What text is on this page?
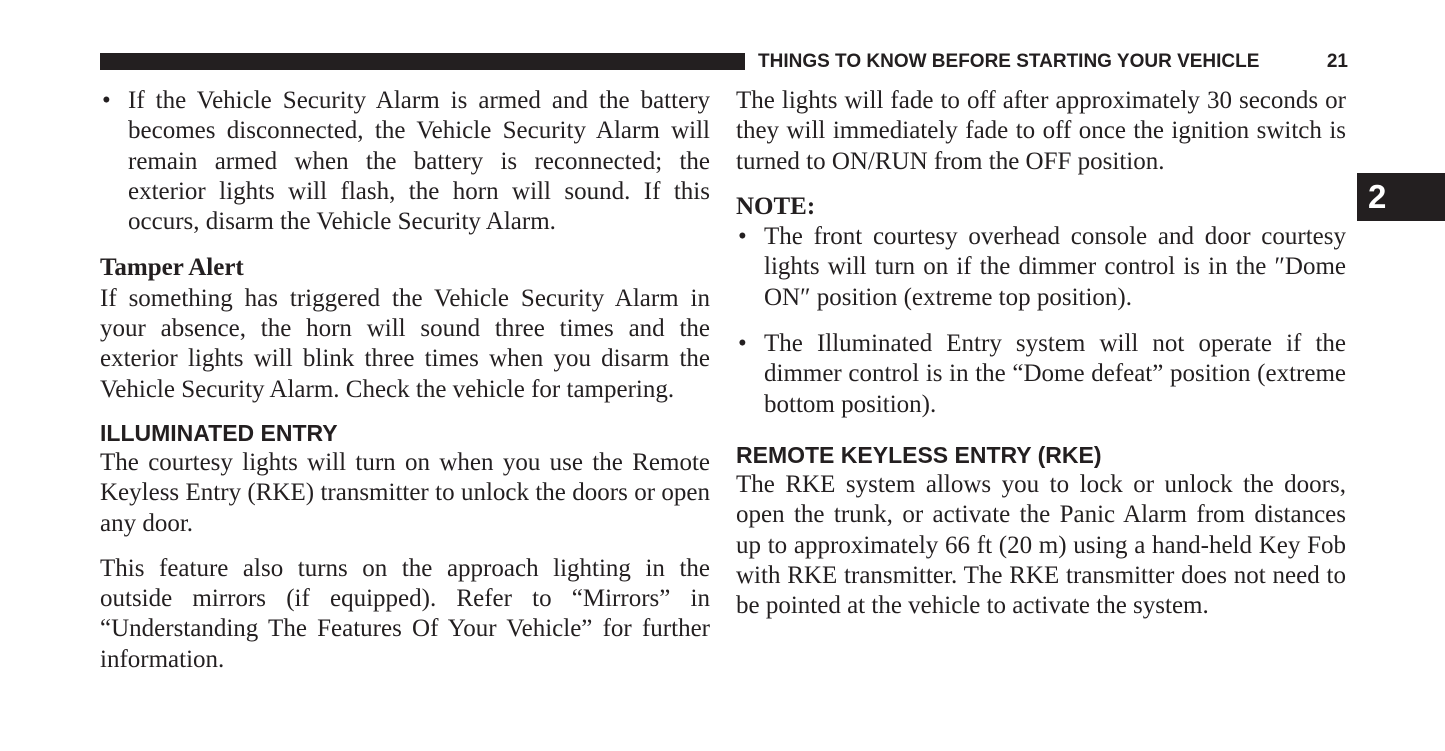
THINGS TO KNOW BEFORE STARTING YOUR VEHICLE	21
2
• If the Vehicle Security Alarm is armed and the battery becomes disconnected, the Vehicle Security Alarm will remain armed when the battery is reconnected; the exterior lights will flash, the horn will sound. If this occurs, disarm the Vehicle Security Alarm.

Tamper Alert

If something has triggered the Vehicle Security Alarm in your absence, the horn will sound three times and the exterior lights will blink three times when you disarm the Vehicle Security Alarm. Check the vehicle for tampering.

ILLUMINATED ENTRY

The courtesy lights will turn on when you use the Remote Keyless Entry (RKE) transmitter to unlock the doors or open any door.

This feature also turns on the approach lighting in the outside mirrors (if equipped). Refer to “Mirrors” in “Understanding The Features Of Your Vehicle” for further information.

The lights will fade to off after approximately 30 seconds or they will immediately fade to off once the ignition switch is turned to ON/RUN from the OFF position.

NOTE:

• The front courtesy overhead console and door courtesy lights will turn on if the dimmer control is in the ″Dome ON″ position (extreme top position).
• The Illuminated Entry system will not operate if the dimmer control is in the “Dome defeat” position (extreme bottom position).
REMOTE KEYLESS ENTRY (RKE)

The RKE system allows you to lock or unlock the doors, open the trunk, or activate the Panic Alarm from distances up to approximately 66 ft (20 m) using a hand-held Key Fob with RKE transmitter. The RKE transmitter does not need to be pointed at the vehicle to activate the system.
